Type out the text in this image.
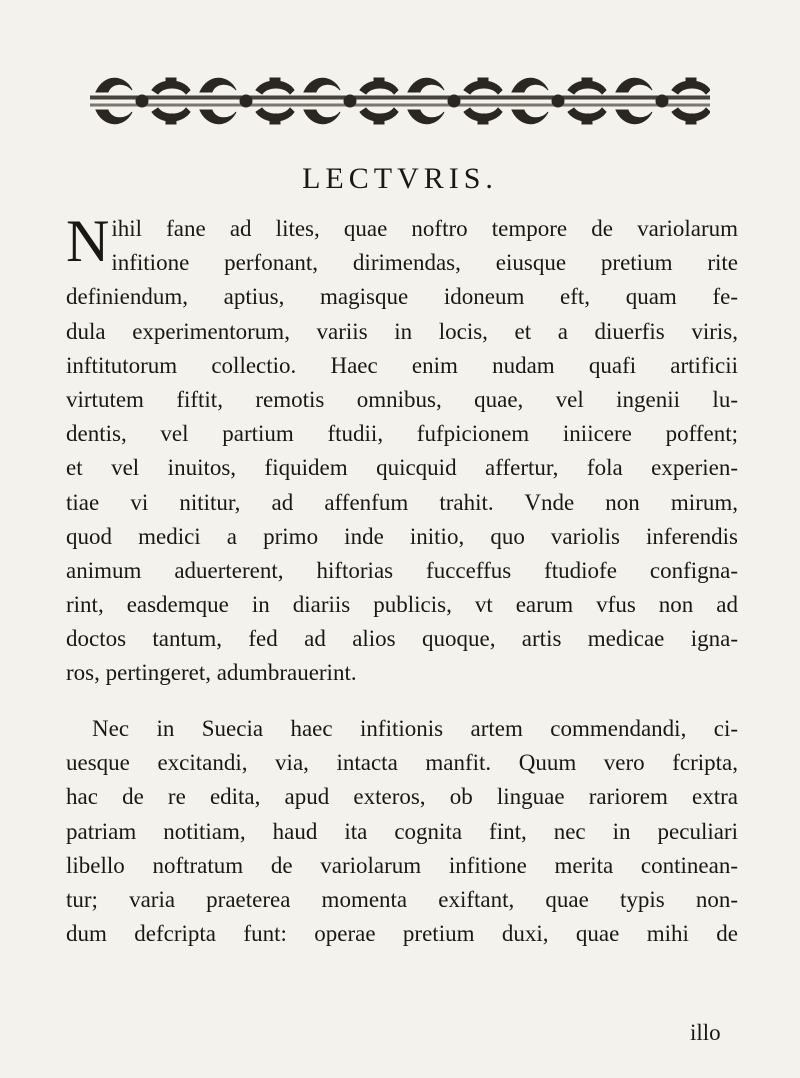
LECTVRIS.
N ihil fane ad lites, quae noftro tempore de variolarum
infitione perfonant, dirimendas, eiusque pretium rite
definiendum, aptius, magisque idoneum eft, quam fe-
dula experimentorum, variis in locis, et a diuerfis viris,
inftitutorum collectio. Haec enim nudam quafi artificii
virtutem fiftit, remotis omnibus, quae, vel ingenii lu-
dentis, vel partium ftudii, fufpicionem iniicere poffent;
et vel inuitos, fiquidem quicquid affertur, fola experien-
tiae vi nititur, ad affenfum trahit. Vnde non mirum,
quod medici a primo inde initio, quo variolis inferendis
animum aduerterent, hiftorias fucceffus ftudiofe configna-
rint, easdemque in diariis publicis, vt earum vfus non ad
doctos tantum, fed ad alios quoque, artis medicae igna-
ros, pertingeret, adumbrauerint.
Nec in Suecia haec infitionis artem commendandi, ci-
uesque excitandi, via, intacta manfit. Quum vero fcripta,
hac de re edita, apud exteros, ob linguae rariorem extra
patriam notitiam, haud ita cognita fint, nec in peculiari
libello noftratum de variolarum infitione merita continean-
tur; varia praeterea momenta exiftant, quae typis non-
dum defcripta funt: operae pretium duxi, quae mihi de
illo
